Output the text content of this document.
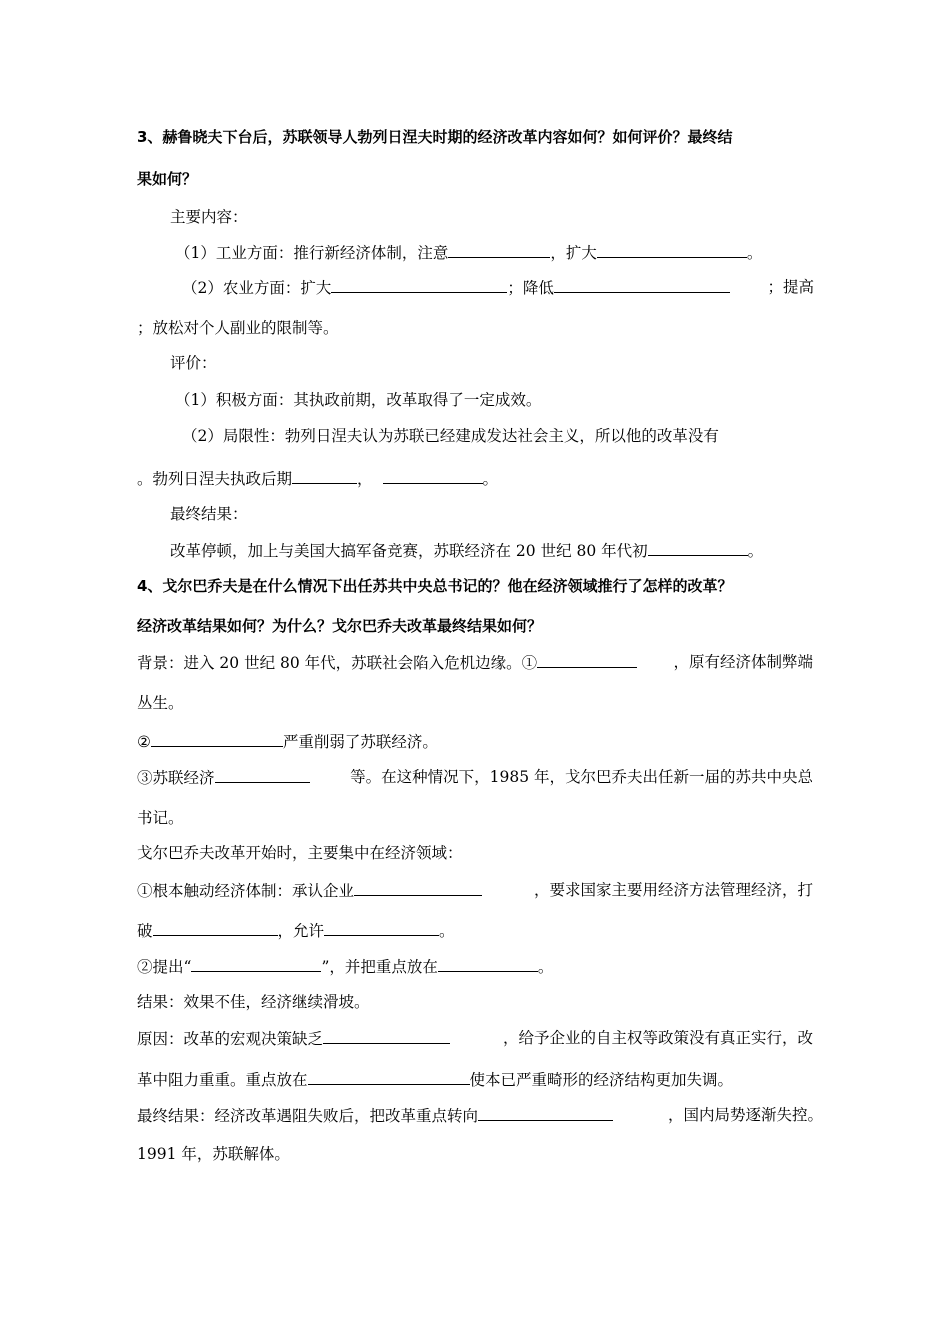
3、赫鲁晓夫下台后，苏联领导人勃列日涅夫时期的经济改革内容如何？如何评价？最终结
果如何？
主要内容：
（1）工业方面：推行新经济体制，注意	，扩大	。
（2）农业方面：扩大	；降低	；提高
；放松对个人副业的限制等。
评价：
（1）积极方面：其执政前期，改革取得了一定成效。
（2）局限性：勃列日涅夫认为苏联已经建成发达社会主义，所以他的改革没有
。勃列日涅夫执政后期	，	。
最终结果：
改革停顿，加上与美国大搞军备竞赛，苏联经济在 20 世纪 80 年代初	。
4、戈尔巴乔夫是在什么情况下出任苏共中央总书记的？他在经济领域推行了怎样的改革？
经济改革结果如何？为什么？戈尔巴乔夫改革最终结果如何？
背景：进入 20 世纪 80 年代，苏联社会陷入危机边缘。①	，原有经济体制弊端
丛生。
②	严重削弱了苏联经济。
③苏联经济	等。在这种情况下，1985 年，戈尔巴乔夫出任新一届的苏共中央总
书记。
戈尔巴乔夫改革开始时，主要集中在经济领域：
①根本触动经济体制：承认企业	，要求国家主要用经济方法管理经济，打
破	，允许	。
②提出“	”，并把重点放在	。
结果：效果不佳，经济继续滑坡。
原因：改革的宏观决策缺乏	，给予企业的自主权等政策没有真正实行，改
革中阻力重重。重点放在	使本已严重畸形的经济结构更加失调。
最终结果：经济改革遇阻失败后，把改革重点转向	，国内局势逐渐失控。
1991 年，苏联解体。
